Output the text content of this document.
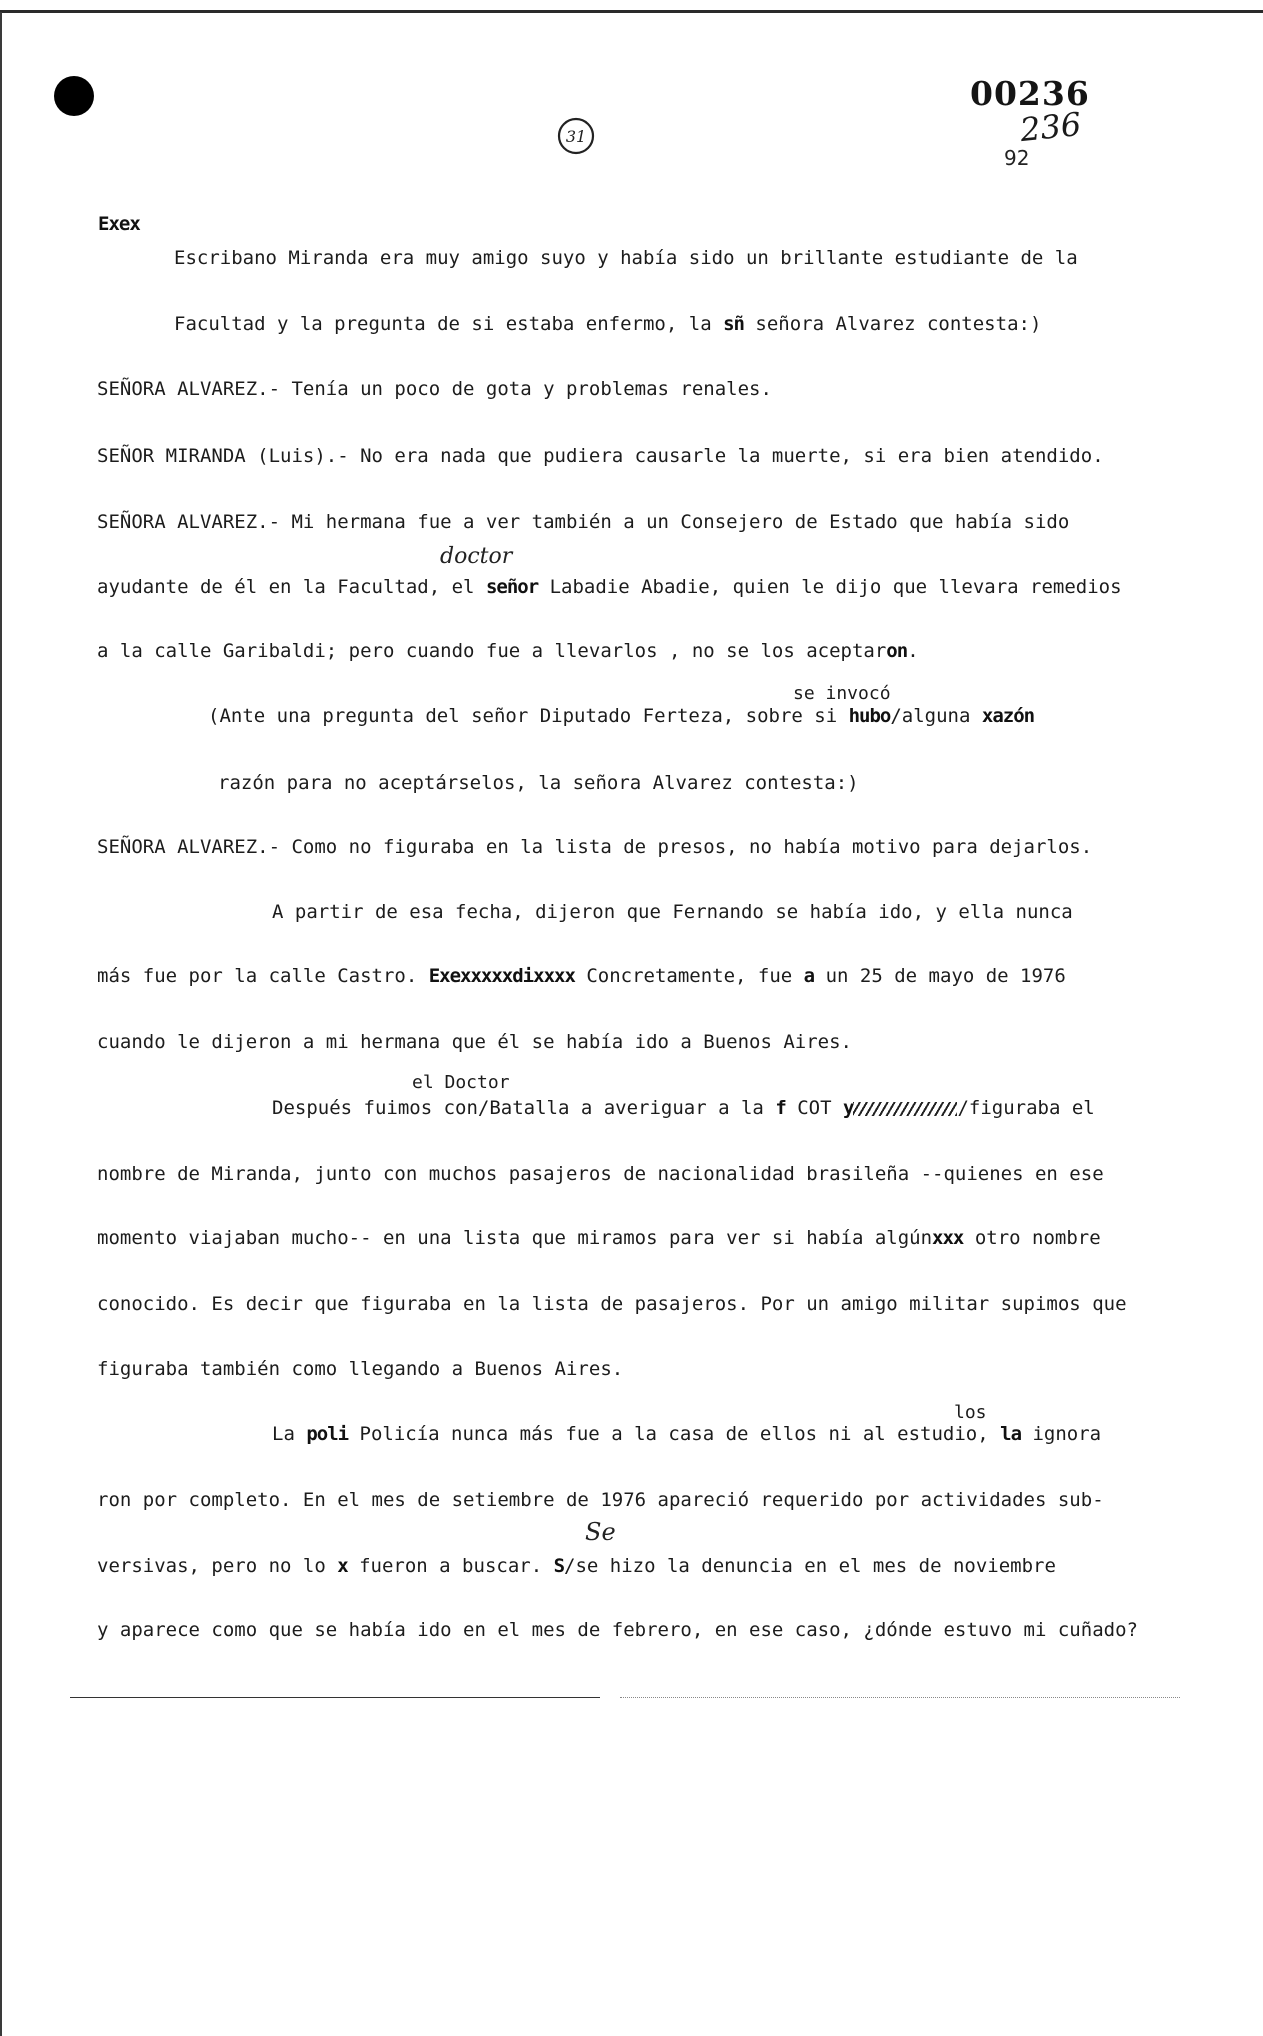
00236
236
92
31
Exex
Escribano Miranda era muy amigo suyo y había sido un brillante estudiante de la
Facultad y la pregunta de si estaba enfermo, la sñ señora Alvarez contesta:)
SEÑORA ALVAREZ.- Tenía un poco de gota y problemas renales.
SEÑOR MIRANDA (Luis).- No era nada que pudiera causarle la muerte, si era bien atendido.
SEÑORA ALVAREZ.- Mi hermana fue a ver también a un Consejero de Estado que había sido
doctor
ayudante de él en la Facultad, el señor Labadie Abadie, quien le dijo que llevara remedios
a la calle Garibaldi; pero cuando fue a llevarlos , no se los aceptaron.
se invocó
(Ante una pregunta del señor Diputado Ferteza, sobre si hubo/alguna xazón
razón para no aceptárselos, la señora Alvarez contesta:)
SEÑORA ALVAREZ.- Como no figuraba en la lista de presos, no había motivo para dejarlos.
A partir de esa fecha, dijeron que Fernando se había ido, y ella nunca
más fue por la calle Castro. Exexxxxxdixxxx Concretamente, fue a un 25 de mayo de 1976
cuando le dijeron a mi hermana que él se había ido a Buenos Aires.
el Doctor
Después fuimos con/Batalla a averiguar a la f COT y	/figuraba el
nombre de Miranda, junto con muchos pasajeros de nacionalidad brasileña --quienes en ese
momento viajaban mucho-- en una lista que miramos para ver si había algúnxxx otro nombre
conocido. Es decir que figuraba en la lista de pasajeros. Por un amigo militar supimos que
figuraba también como llegando a Buenos Aires.
los
La poli Policía nunca más fue a la casa de ellos ni al estudio, la ignora
ron por completo. En el mes de setiembre de 1976 apareció requerido por actividades sub-
Se
versivas, pero no lo x fueron a buscar. S/se hizo la denuncia en el mes de noviembre
y aparece como que se había ido en el mes de febrero, en ese caso, ¿dónde estuvo mi cuñado?
